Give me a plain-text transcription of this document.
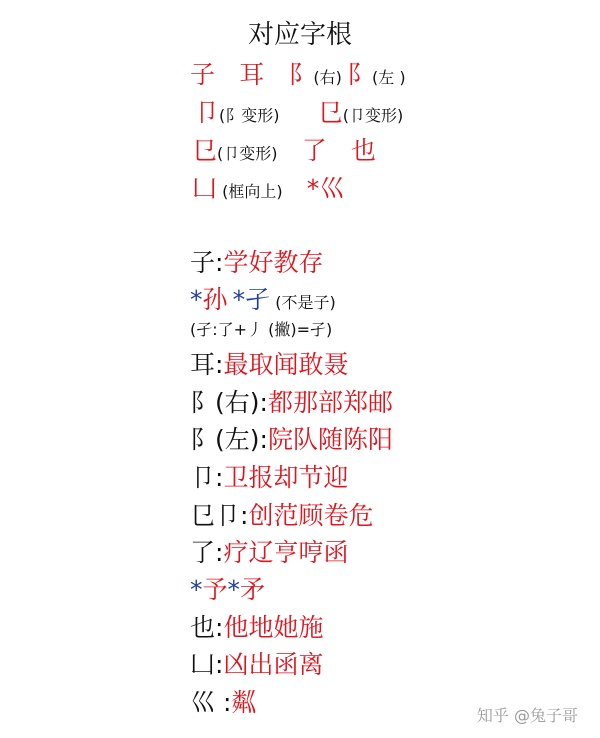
对应字根
子 耳 阝(右) 阝(左 )
卩(阝变形) 㔾(卩变形)
㔾(卩变形) 了 也
凵 (框向上) *巛
子:学好教存
*孙 *孑 (不是子)
(孑:了+丿 (撇)=孑)
耳:最取闻敢聂
阝(右):都那部郑邮
阝(左):院队随陈阳
卩:卫报却节迎
㔾卩:创范顾卷危
了:疗辽亨哼函
*予*矛
也:他地她施
凵:凶出函离
巛 :粼	知乎 @兔子哥
